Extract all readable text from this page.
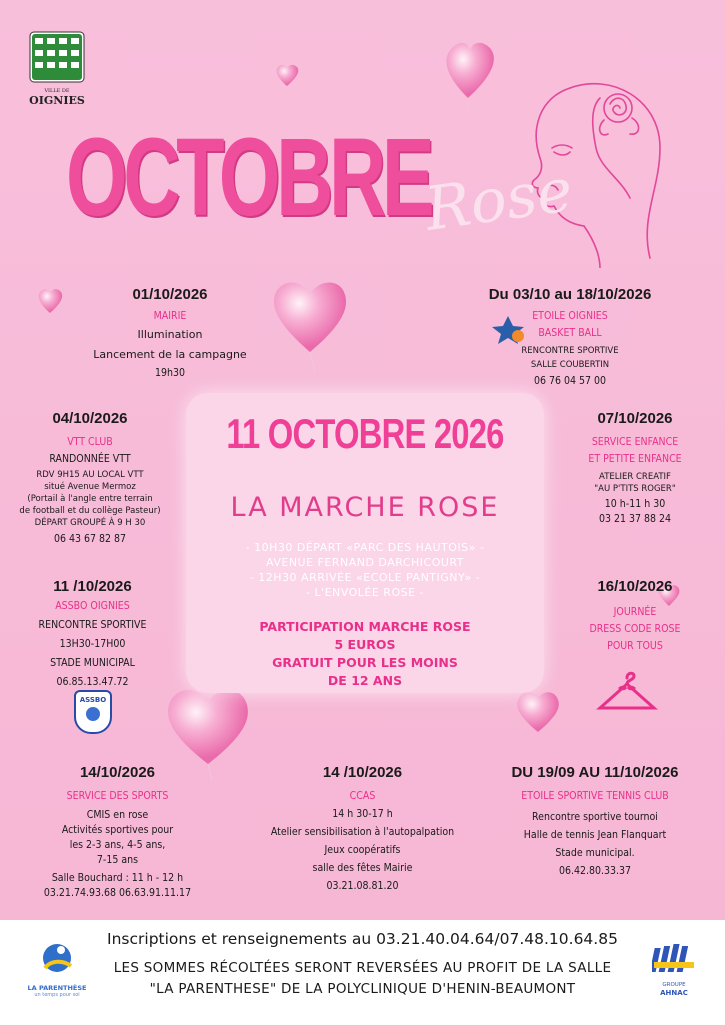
VILLE DE
OIGNIES
OCTOBRE
Rose
01/10/2026
MAIRIE
Illumination
Lancement de la campagne
19h30
Du 03/10 au 18/10/2026
ETOILE OIGNIES
BASKET BALL
RENCONTRE SPORTIVE
SALLE COUBERTIN
06 76 04 57 00
04/10/2026
VTT CLUB
RANDONNÉE VTT
RDV 9H15 AU LOCAL VTT
situé Avenue Mermoz
(Portail à l'angle entre terrain
de football et du collège Pasteur)
DÉPART GROUPÉ À 9 H 30
06 43 67 82 87
07/10/2026
SERVICE ENFANCE
ET PETITE ENFANCE
ATELIER CREATIF
"AU P'TITS ROGER"
10 h-11 h 30
03 21 37 88 24
11 /10/2026
ASSBO OIGNIES
RENCONTRE SPORTIVE
13H30-17H00
STADE MUNICIPAL
06.85.13.47.72
ASSBO
16/10/2026
JOURNÉE
DRESS CODE ROSE
POUR TOUS
11 OCTOBRE 2026
LA MARCHE ROSE
- 10H30 DÉPART «PARC DES HAUTOIS» -
AVENUE FERNAND DARCHICOURT
- 12H30 ARRIVÉE «ECOLE PANTIGNY» -
- L'ENVOLÉE ROSE -
PARTICIPATION MARCHE ROSE
5 EUROS
GRATUIT POUR LES MOINS
DE 12 ANS
14/10/2026
SERVICE DES SPORTS
CMIS en rose
Activités sportives pour
les 2-3 ans, 4-5 ans,
7-15 ans
Salle Bouchard : 11 h - 12 h
03.21.74.93.68 06.63.91.11.17
14 /10/2026
CCAS
14 h 30-17 h
Atelier sensibilisation à l'autopalpation
Jeux coopératifs
salle des fêtes Mairie
03.21.08.81.20
DU 19/09 AU 11/10/2026
ETOILE SPORTIVE TENNIS CLUB
Rencontre sportive tournoi
Halle de tennis Jean Flanquart
Stade municipal.
06.42.80.33.37
LA PARENTHÈSE
un temps pour soi
Inscriptions et renseignements au 03.21.40.04.64/07.48.10.64.85
LES SOMMES RÉCOLTÉES SERONT REVERSÉES AU PROFIT DE LA SALLE
"LA PARENTHESE" DE LA POLYCLINIQUE D'HENIN-BEAUMONT	GROUPE
AHNAC
